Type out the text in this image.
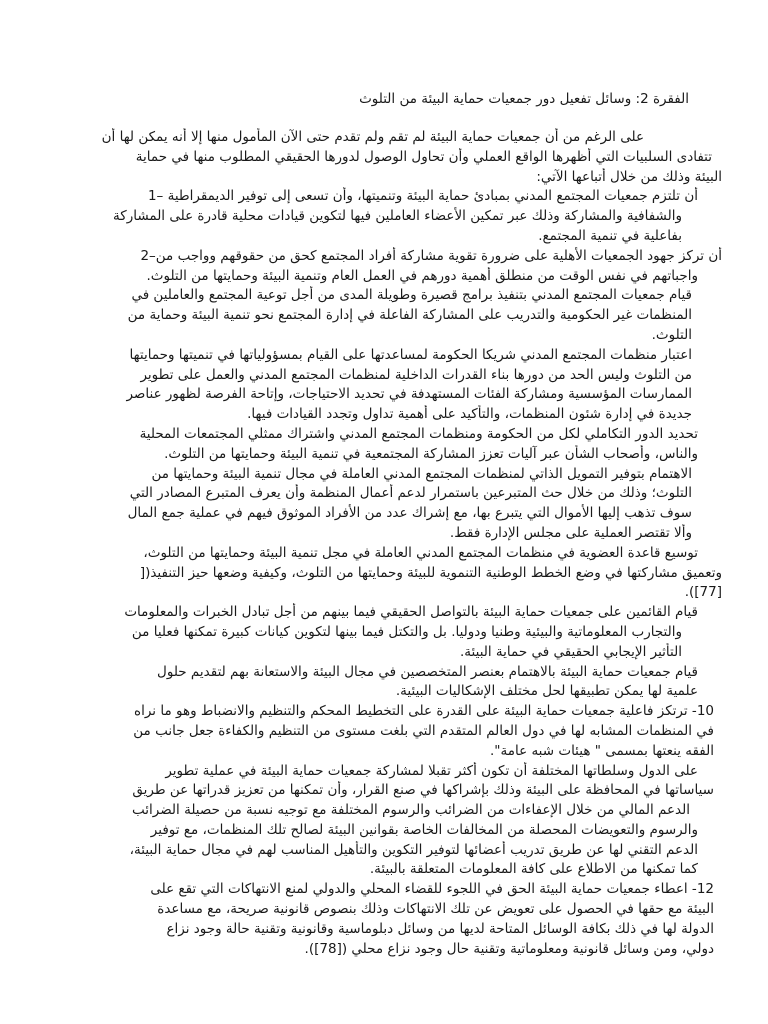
الفقرة 2: وسائل تفعيل دور جمعيات حماية البيئة من التلوث
على الرغم من أن جمعيات حماية البيئة لم تقم ولم تقدم حتى الآن المأمول منها إلا أنه يمكن لها أن
تتفادى السلبيات التي أظهرها الواقع العملي وأن تحاول الوصول لدورها الحقيقي المطلوب منها في حماية
البيئة وذلك من خلال أتباعها الآتي:
أن تلتزم جمعيات المجتمع المدني بمبادئ حماية البيئة وتنميتها، وأن تسعى إلى توفير الديمقراطية –1
والشفافية والمشاركة وذلك عبر تمكين الأعضاء العاملين فيها لتكوين قيادات محلية قادرة على المشاركة
بفاعلية في تنمية المجتمع.
أن تركز جهود الجمعيات الأهلية على ضرورة تقوية مشاركة أفراد المجتمع كحق من حقوقهم وواجب من–2
واجباتهم في نفس الوقت من منطلق أهمية دورهم في العمل العام وتنمية البيئة وحمايتها من التلوث.
قيام جمعيات المجتمع المدني بتنفيذ برامج قصيرة وطويلة المدى من أجل توعية المجتمع والعاملين في
المنظمات غير الحكومية والتدريب على المشاركة الفاعلة في إدارة المجتمع نحو تنمية البيئة وحماية من
التلوث.
اعتبار منظمات المجتمع المدني شريكا الحكومة لمساعدتها على القيام بمسؤولياتها في تنميتها وحمايتها
من التلوث وليس الحد من دورها بناء القدرات الداخلية لمنظمات المجتمع المدني والعمل على تطوير
الممارسات المؤسسية ومشاركة الفئات المستهدفة في تحديد الاحتياجات، وإتاحة الفرصة لظهور عناصر
جديدة في إدارة شئون المنظمات، والتأكيد على أهمية تداول وتجدد القيادات فيها.
تحديد الدور التكاملي لكل من الحكومة ومنظمات المجتمع المدني واشتراك ممثلي المجتمعات المحلية
والناس، وأصحاب الشأن عبر آليات تعزز المشاركة المجتمعية في تنمية البيئة وحمايتها من التلوث.
الاهتمام بتوفير التمويل الذاتي لمنظمات المجتمع المدني العاملة في مجال تنمية البيئة وحمايتها من
التلوث؛ وذلك من خلال حث المتبرعين باستمرار لدعم أعمال المنظمة وأن يعرف المتبرع المصادر التي
سوف تذهب إليها الأموال التي يتبرع بها، مع إشراك عدد من الأفراد الموثوق فيهم في عملية جمع المال
وألا تقتصر العملية على مجلس الإدارة فقط.
توسيع قاعدة العضوية في منظمات المجتمع المدني العاملة في مجل تنمية البيئة وحمايتها من التلوث،
وتعميق مشاركتها في وضع الخطط الوطنية التنموية للبيئة وحمايتها من التلوث، وكيفية وضعها حيز التنفيذ([
[77]).
قيام القائمين على جمعيات حماية البيئة بالتواصل الحقيقي فيما بينهم من أجل تبادل الخبرات والمعلومات
والتجارب المعلوماتية والبيئية وطنيا ودوليا. بل والتكتل فيما بينها لتكوين كيانات كبيرة تمكنها فعليا من
التأثير الإيجابي الحقيقي في حماية البيئة.
قيام جمعيات حماية البيئة بالاهتمام بعنصر المتخصصين في مجال البيئة والاستعانة بهم لتقديم حلول
علمية لها يمكن تطبيقها لحل مختلف الإشكاليات البيئية.
10- ترتكز فاعلية جمعيات حماية البيئة على القدرة على التخطيط المحكم والتنظيم والانضباط وهو ما نراه
في المنظمات المشابه لها في دول العالم المتقدم التي بلغت مستوى من التنظيم والكفاءة جعل جانب من
الفقه ينعتها بمسمى " هيئات شبه عامة".
على الدول وسلطاتها المختلفة أن تكون أكثر تقبلا لمشاركة جمعيات حماية البيئة في عملية تطوير
سياساتها في المحافظة على البيئة وذلك بإشراكها في صنع القرار، وأن تمكنها من تعزيز قدراتها عن طريق
الدعم المالي من خلال الإعفاءات من الضرائب والرسوم المختلفة مع توجيه نسبة من حصيلة الضرائب
والرسوم والتعويضات المحصلة من المخالفات الخاصة بقوانين البيئة لصالح تلك المنظمات، مع توفير
الدعم التقني لها عن طريق تدريب أعضائها لتوفير التكوين والتأهيل المناسب لهم في مجال حماية البيئة،
كما تمكنها من الاطلاع على كافة المعلومات المتعلقة بالبيئة.
12- اعطاء جمعيات حماية البيئة الحق في اللجوء للقضاء المحلي والدولي لمنع الانتهاكات التي تقع على
البيئة مع حقها في الحصول على تعويض عن تلك الانتهاكات وذلك بنصوص قانونية صريحة، مع مساعدة
الدولة لها في ذلك بكافة الوسائل المتاحة لديها من وسائل دبلوماسية وقانونية وتقنية حالة وجود نزاع
دولي، ومن وسائل قانونية ومعلوماتية وتقنية حال وجود نزاع محلي ([78]).
